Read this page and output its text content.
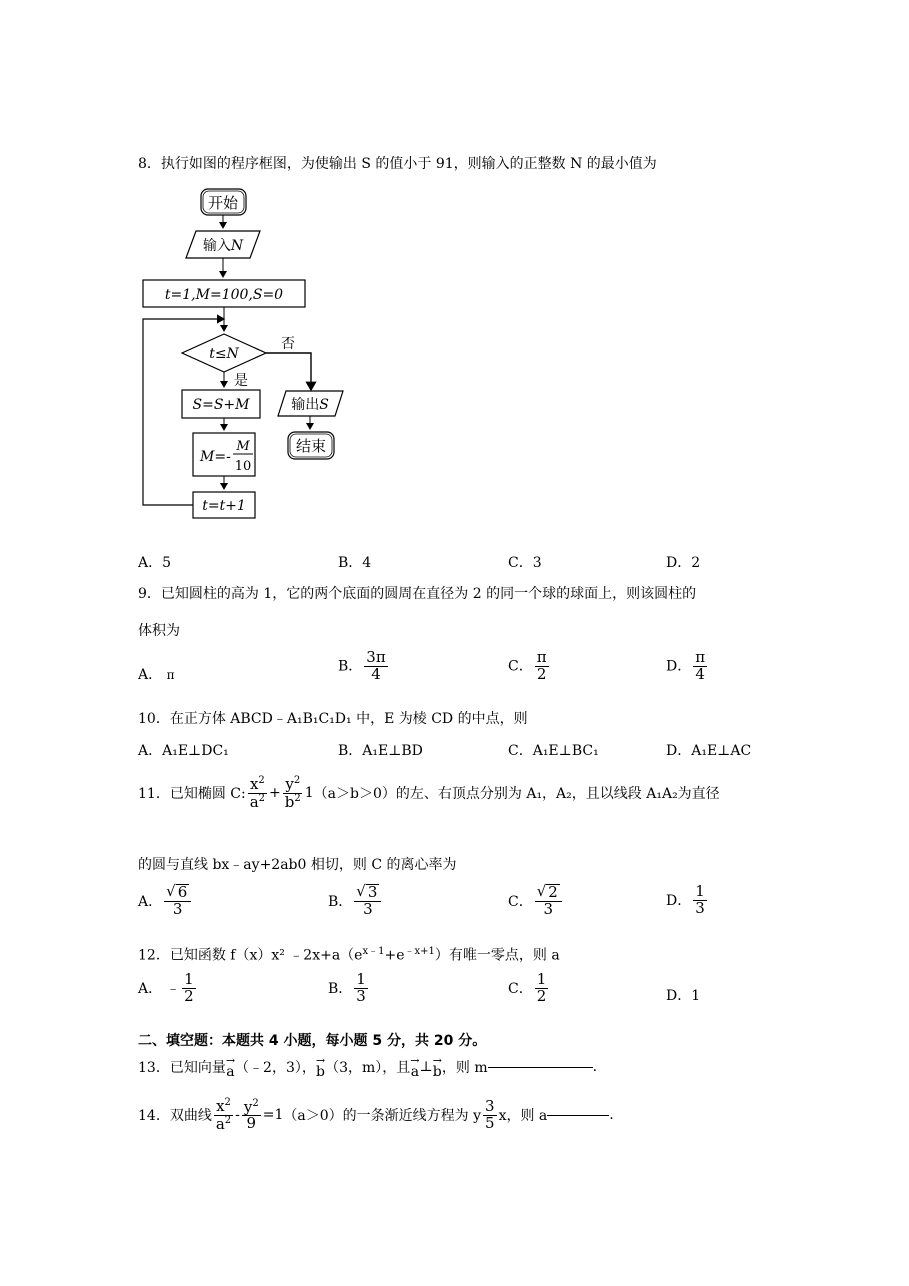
8．执行如图的程序框图，为使输出 S 的值小于 91，则输入的正整数 N 的最小值为
开始
输入N
t=1,M=100,S=0
t≤N
否
是
S=S+M
M=-
M
10
t=t+1
输出S
结束
A．5	B．4	C．3	D．2
9．已知圆柱的高为 1，它的两个底面的圆周在直径为 2 的同一个球的球面上，则该圆柱的
体积为
A． π
B． $\frac{3\pi}{4}$	C． $\frac{\pi}{2}$	D． $\frac{\pi}{4}$
10．在正方体 ABCD﹣A₁B₁C₁D₁ 中，E 为棱 CD 的中点，则
A．A₁E⊥DC₁	B．A₁E⊥BD	C．A₁E⊥BC₁	D．A₁E⊥AC
11．已知椭圆 C: $\frac{x^2}{a^2} + \frac{y^2}{b^2} 1$ （a＞b＞0）的左、右顶点分别为 A₁，A₂，且以线段 A₁A₂为直径
的圆与直线 bx﹣ay+2ab0 相切，则 C 的离心率为
A． $\frac{√ 6}{3}$	B． $\frac{√ 3}{3}$	C． $\frac{√ 2}{3}$	D． $\frac{1}{3}$
12．已知函数 f（x）x² $﹣2x+a(e^{x﹣1}+e^{﹣x+1})$有唯一零点，则 a
A． ﹣ $\frac{1}{2}$	B． $\frac{1}{3}$	C． $\frac{1}{2}$	D．1
二、填空题：本题共 4 小题，每小题 5 分，共 20 分。
13．已知向量 →
a （﹣2，3）， →
b （3，m），且 →
a ⊥ →
b ，则 m	.
14．双曲线 $\frac{x^2}{a^2} - \frac{y^2}{9} =1$ （a＞0）的一条渐近线方程为 y $\frac{3}{5}$ x，则 a	.
